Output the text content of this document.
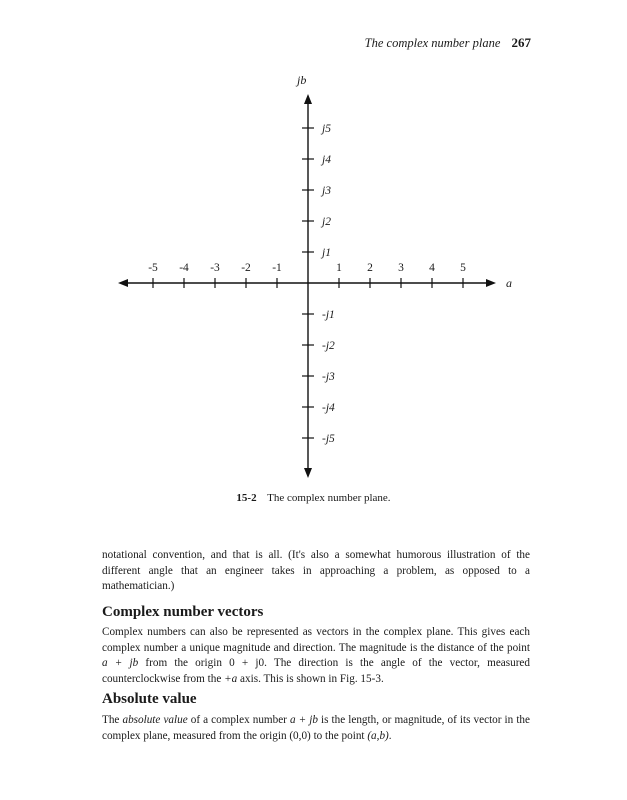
The complex number plane 267
-5 -4 -3 -2 -1	1 2 3 4 5
j5
j4
j3
j2
j1
-j1
-j2
-j3
-j4
-j5
a
jb
15-2 The complex number plane.

notational convention, and that is all. (It's also a somewhat humorous illustration of the different angle that an engineer takes in approaching a problem, as opposed to a mathematician.)

Complex number vectors

Complex numbers can also be represented as vectors in the complex plane. This gives each complex number a unique magnitude and direction. The magnitude is the distance of the point a + jb from the origin 0 + j0. The direction is the angle of the vector, measured counterclockwise from the +a axis. This is shown in Fig. 15-3.

Absolute value

The absolute value of a complex number a + jb is the length, or magnitude, of its vector in the complex plane, measured from the origin (0,0) to the point (a,b).
